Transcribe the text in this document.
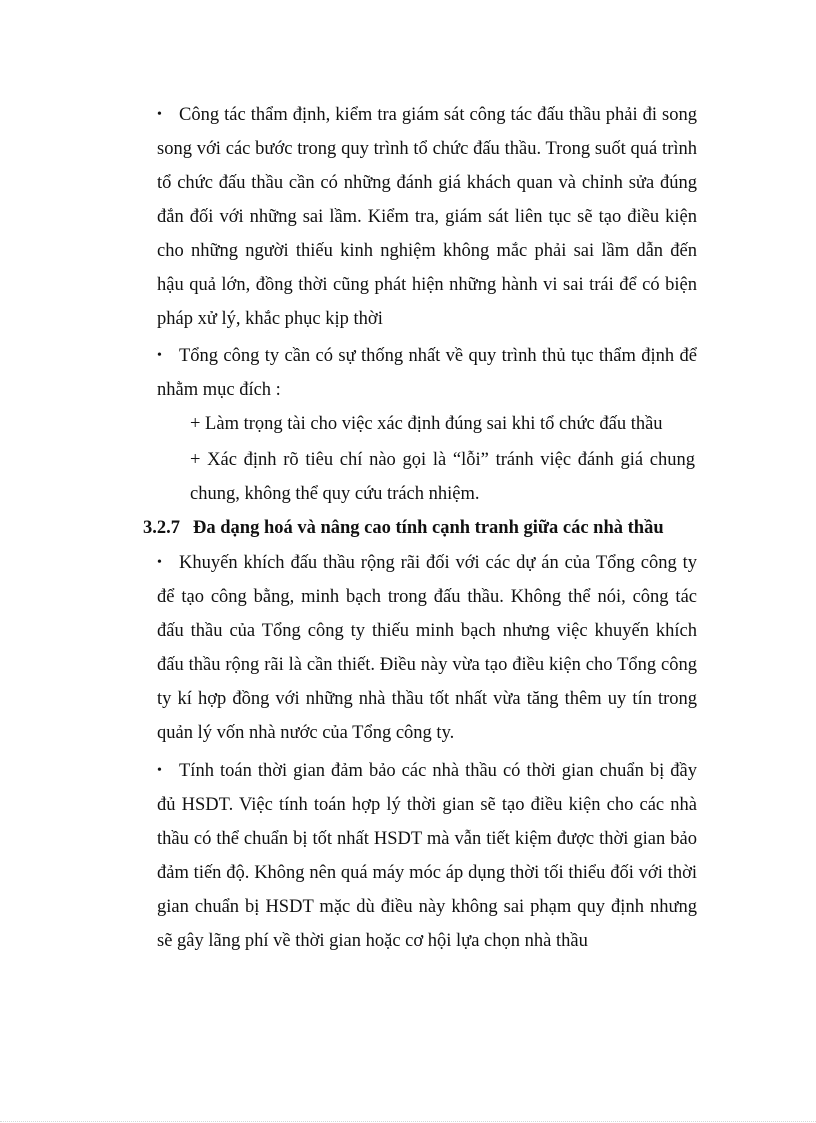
• Công tác thẩm định, kiểm tra giám sát công tác đấu thầu phải đi song song với các bước trong quy trình tổ chức đấu thầu. Trong suốt quá trình tổ chức đấu thầu cần có những đánh giá khách quan và chỉnh sửa đúng đắn đối với những sai lầm. Kiểm tra, giám sát liên tục sẽ tạo điều kiện cho những người thiếu kinh nghiệm không mắc phải sai lầm dẫn đến hậu quả lớn, đồng thời cũng phát hiện những hành vi sai trái để có biện pháp xử lý, khắc phục kịp thời
• Tổng công ty cần có sự thống nhất về quy trình thủ tục thẩm định để nhằm mục đích :
+ Làm trọng tài cho việc xác định đúng sai khi tổ chức đấu thầu
+ Xác định rõ tiêu chí nào gọi là “lỗi” tránh việc đánh giá chung chung, không thể quy cứu trách nhiệm.
3.2.7 Đa dạng hoá và nâng cao tính cạnh tranh giữa các nhà thầu
• Khuyến khích đấu thầu rộng rãi đối với các dự án của Tổng công ty để tạo công bằng, minh bạch trong đấu thầu. Không thể nói, công tác đấu thầu của Tổng công ty thiếu minh bạch nhưng việc khuyến khích đấu thầu rộng rãi là cần thiết. Điều này vừa tạo điều kiện cho Tổng công ty kí hợp đồng với những nhà thầu tốt nhất vừa tăng thêm uy tín trong quản lý vốn nhà nước của Tổng công ty.
• Tính toán thời gian đảm bảo các nhà thầu có thời gian chuẩn bị đầy đủ HSDT. Việc tính toán hợp lý thời gian sẽ tạo điều kiện cho các nhà thầu có thể chuẩn bị tốt nhất HSDT mà vẫn tiết kiệm được thời gian bảo đảm tiến độ. Không nên quá máy móc áp dụng thời tối thiểu đối với thời gian chuẩn bị HSDT mặc dù điều này không sai phạm quy định nhưng sẽ gây lãng phí về thời gian hoặc cơ hội lựa chọn nhà thầu
